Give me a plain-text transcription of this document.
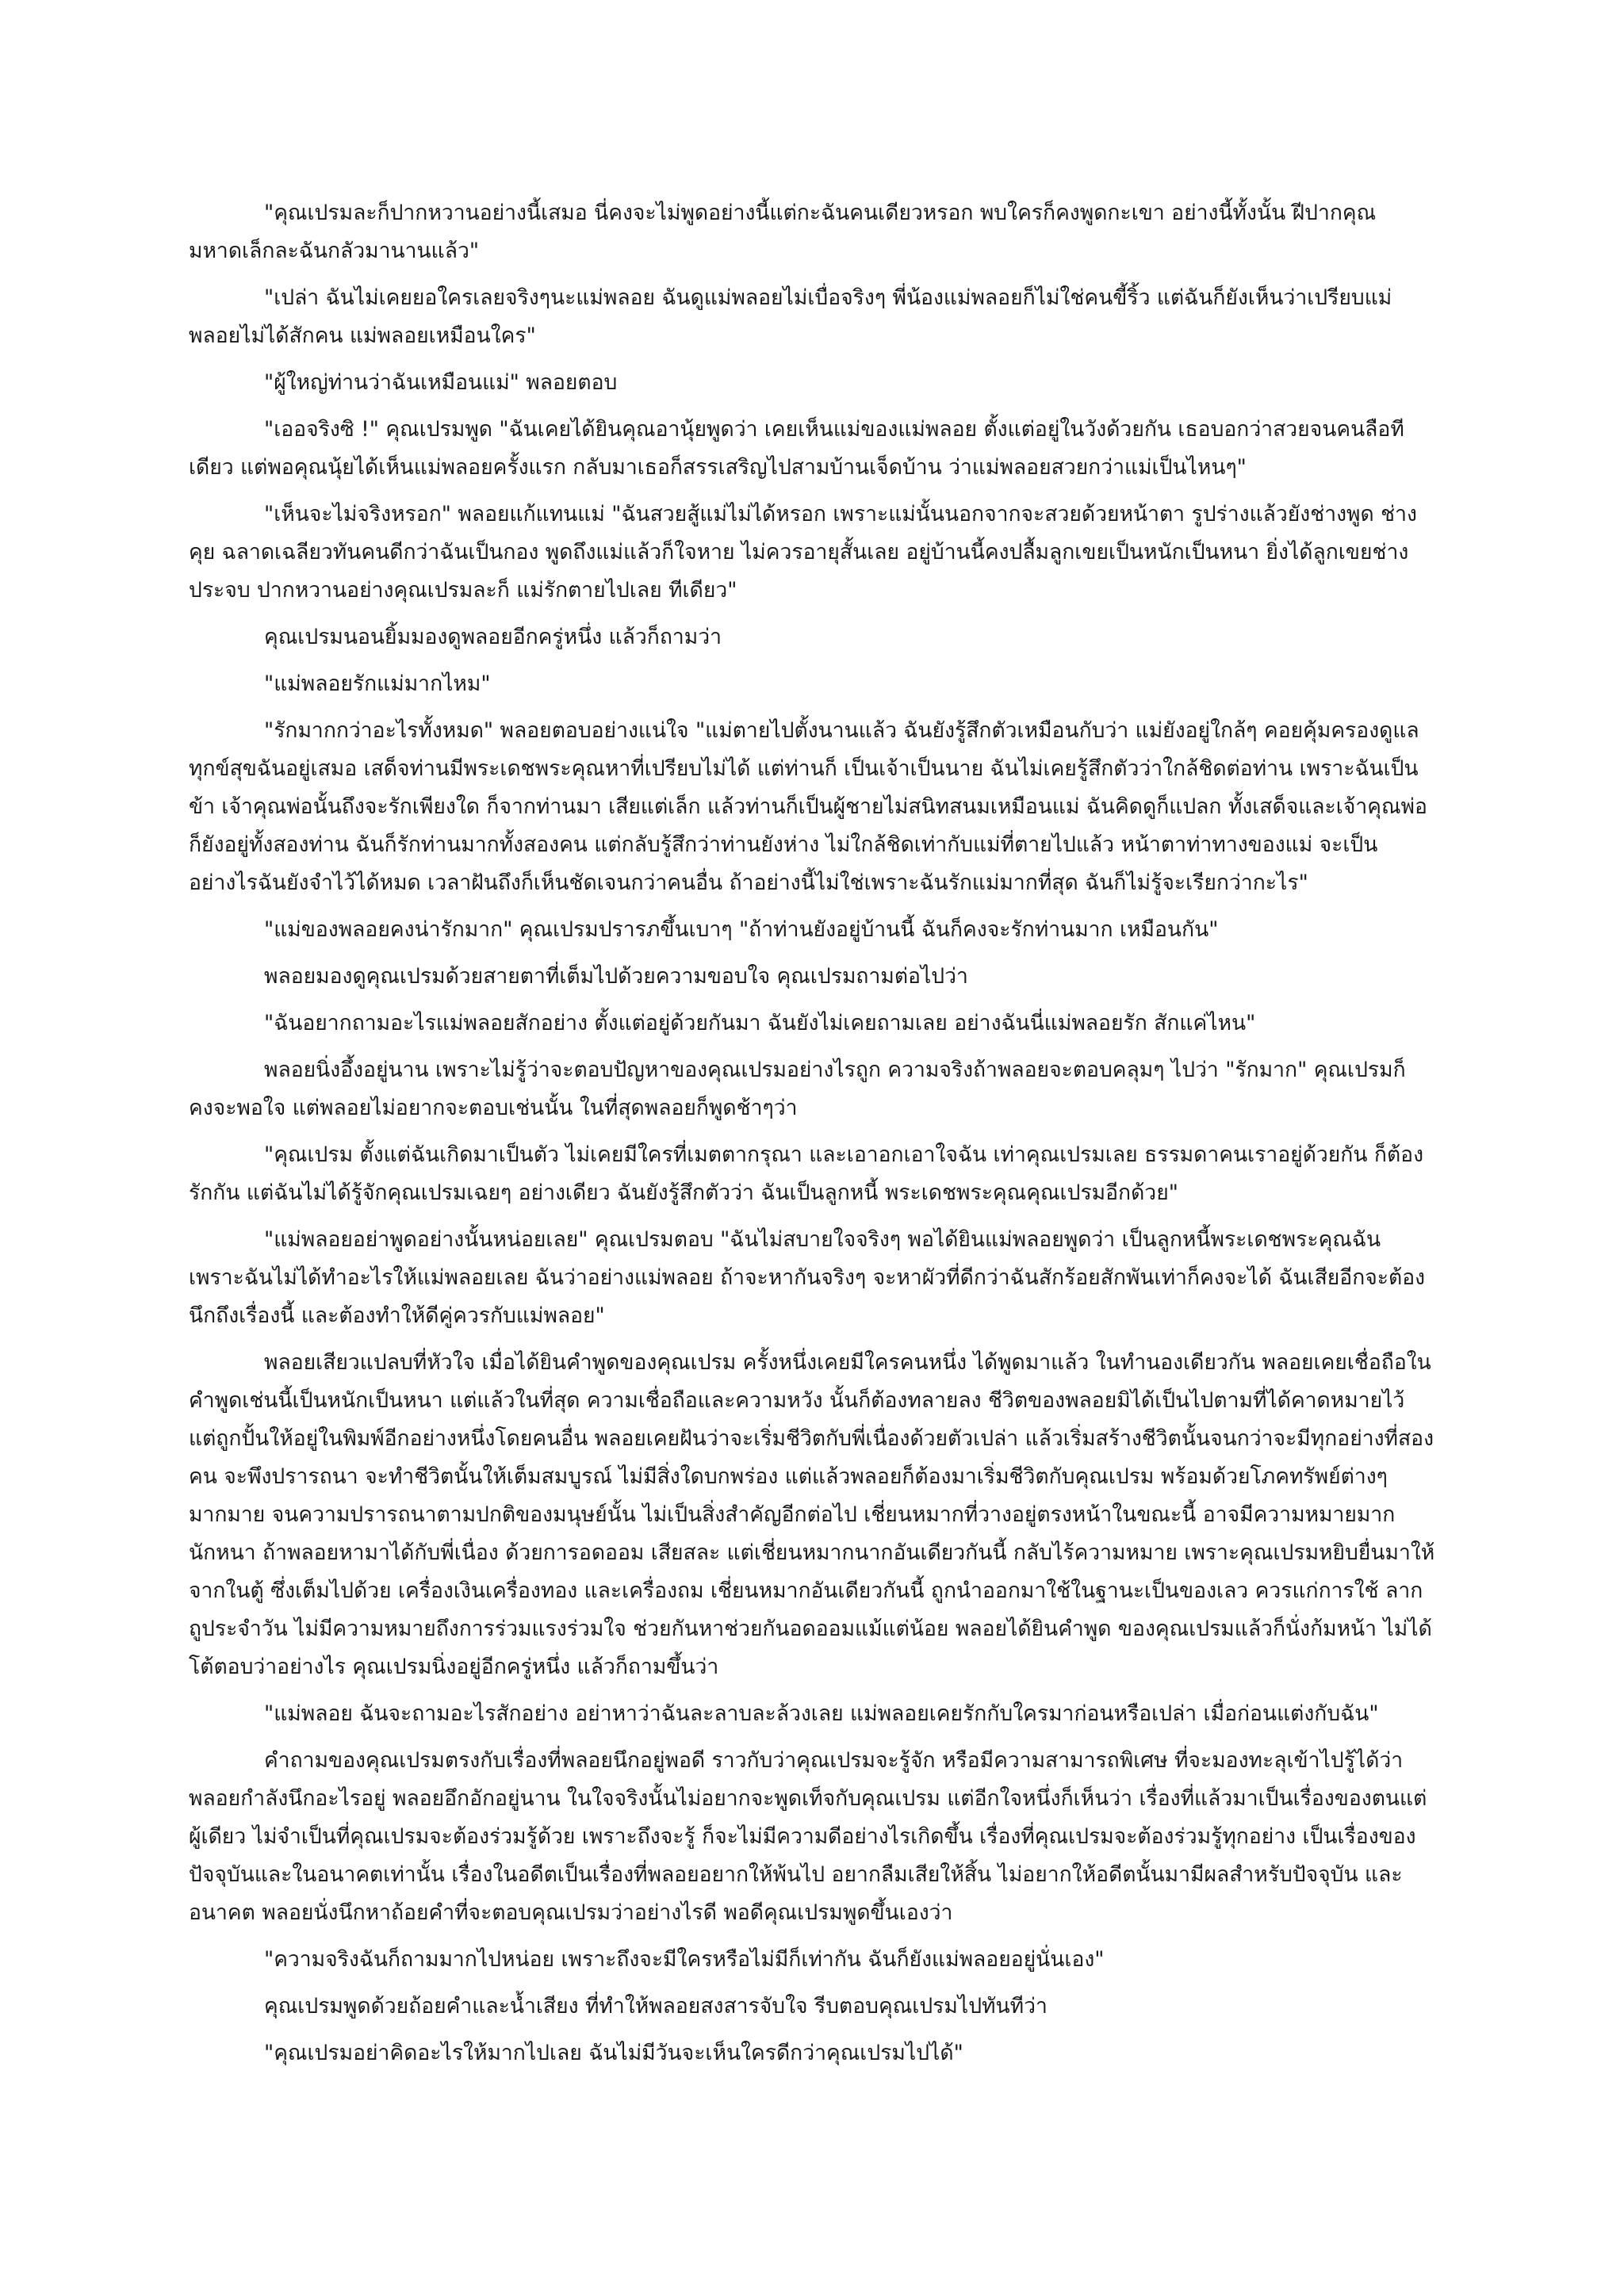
"คุณเปรมละก็ปากหวานอย่างนี้เสมอ นี่คงจะไม่พูดอย่างนี้แต่กะฉันคนเดียวหรอก พบใครก็คงพูดกะเขา อย่างนี้ทั้งนั้น ฝีปากคุณมหาดเล็กละฉันกลัวมานานแล้ว"

"เปล่า ฉันไม่เคยยอใครเลยจริงๆนะแม่พลอย ฉันดูแม่พลอยไม่เบื่อจริงๆ พี่น้องแม่พลอยก็ไม่ใช่คนขี้ริ้ว แต่ฉันก็ยังเห็นว่าเปรียบแม่พลอยไม่ได้สักคน แม่พลอยเหมือนใคร"

"ผู้ใหญ่ท่านว่าฉันเหมือนแม่" พลอยตอบ

"เออจริงซิ !" คุณเปรมพูด "ฉันเคยได้ยินคุณอานุ้ยพูดว่า เคยเห็นแม่ของแม่พลอย ตั้งแต่อยู่ในวังด้วยกัน เธอบอกว่าสวยจนคนลือทีเดียว แต่พอคุณนุ้ยได้เห็นแม่พลอยครั้งแรก กลับมาเธอก็สรรเสริญไปสามบ้านเจ็ดบ้าน ว่าแม่พลอยสวยกว่าแม่เป็นไหนๆ"

"เห็นจะไม่จริงหรอก" พลอยแก้แทนแม่ "ฉันสวยสู้แม่ไม่ได้หรอก เพราะแม่นั้นนอกจากจะสวยด้วยหน้าตา รูปร่างแล้วยังช่างพูด ช่างคุย ฉลาดเฉลียวทันคนดีกว่าฉันเป็นกอง พูดถึงแม่แล้วก็ใจหาย ไม่ควรอายุสั้นเลย อยู่บ้านนี้คงปลื้มลูกเขยเป็นหนักเป็นหนา ยิ่งได้ลูกเขยช่างประจบ ปากหวานอย่างคุณเปรมละก็ แม่รักตายไปเลย ทีเดียว"

คุณเปรมนอนยิ้มมองดูพลอยอีกครู่หนึ่ง แล้วก็ถามว่า

"แม่พลอยรักแม่มากไหม"

"รักมากกว่าอะไรทั้งหมด" พลอยตอบอย่างแน่ใจ "แม่ตายไปตั้งนานแล้ว ฉันยังรู้สึกตัวเหมือนกับว่า แม่ยังอยู่ใกล้ๆ คอยคุ้มครองดูแลทุกข์สุขฉันอยู่เสมอ เสด็จท่านมีพระเดชพระคุณหาที่เปรียบไม่ได้ แต่ท่านก็ เป็นเจ้าเป็นนาย ฉันไม่เคยรู้สึกตัวว่าใกล้ชิดต่อท่าน เพราะฉันเป็นข้า เจ้าคุณพ่อนั้นถึงจะรักเพียงใด ก็จากท่านมา เสียแต่เล็ก แล้วท่านก็เป็นผู้ชายไม่สนิทสนมเหมือนแม่ ฉันคิดดูก็แปลก ทั้งเสด็จและเจ้าคุณพ่อ ก็ยังอยู่ทั้งสองท่าน ฉันก็รักท่านมากทั้งสองคน แต่กลับรู้สึกว่าท่านยังห่าง ไม่ใกล้ชิดเท่ากับแม่ที่ตายไปแล้ว หน้าตาท่าทางของแม่ จะเป็นอย่างไรฉันยังจำไว้ได้หมด เวลาฝันถึงก็เห็นชัดเจนกว่าคนอื่น ถ้าอย่างนี้ไม่ใช่เพราะฉันรักแม่มากที่สุด ฉันก็ไม่รู้จะเรียกว่ากะไร"

"แม่ของพลอยคงน่ารักมาก" คุณเปรมปรารภขึ้นเบาๆ "ถ้าท่านยังอยู่บ้านนี้ ฉันก็คงจะรักท่านมาก เหมือนกัน"

พลอยมองดูคุณเปรมด้วยสายตาที่เต็มไปด้วยความขอบใจ คุณเปรมถามต่อไปว่า

"ฉันอยากถามอะไรแม่พลอยสักอย่าง ตั้งแต่อยู่ด้วยกันมา ฉันยังไม่เคยถามเลย อย่างฉันนี่แม่พลอยรัก สักแค่ไหน"

พลอยนิ่งอึ้งอยู่นาน เพราะไม่รู้ว่าจะตอบปัญหาของคุณเปรมอย่างไรถูก ความจริงถ้าพลอยจะตอบคลุมๆ ไปว่า "รักมาก" คุณเปรมก็คงจะพอใจ แต่พลอยไม่อยากจะตอบเช่นนั้น ในที่สุดพลอยก็พูดช้าๆว่า

"คุณเปรม ตั้งแต่ฉันเกิดมาเป็นตัว ไม่เคยมีใครที่เมตตากรุณา และเอาอกเอาใจฉัน เท่าคุณเปรมเลย ธรรมดาคนเราอยู่ด้วยกัน ก็ต้องรักกัน แต่ฉันไม่ได้รู้จักคุณเปรมเฉยๆ อย่างเดียว ฉันยังรู้สึกตัวว่า ฉันเป็นลูกหนี้ พระเดชพระคุณคุณเปรมอีกด้วย"

"แม่พลอยอย่าพูดอย่างนั้นหน่อยเลย" คุณเปรมตอบ "ฉันไม่สบายใจจริงๆ พอได้ยินแม่พลอยพูดว่า เป็นลูกหนี้พระเดชพระคุณฉัน เพราะฉันไม่ได้ทำอะไรให้แม่พลอยเลย ฉันว่าอย่างแม่พลอย ถ้าจะหากันจริงๆ จะหาผัวที่ดีกว่าฉันสักร้อยสักพันเท่าก็คงจะได้ ฉันเสียอีกจะต้องนึกถึงเรื่องนี้ และต้องทำให้ดีคู่ควรกับแม่พลอย"

พลอยเสียวแปลบที่หัวใจ เมื่อได้ยินคำพูดของคุณเปรม ครั้งหนึ่งเคยมีใครคนหนึ่ง ได้พูดมาแล้ว ในทำนองเดียวกัน พลอยเคยเชื่อถือในคำพูดเช่นนี้เป็นหนักเป็นหนา แต่แล้วในที่สุด ความเชื่อถือและความหวัง นั้นก็ต้องทลายลง ชีวิตของพลอยมิได้เป็นไปตามที่ได้คาดหมายไว้ แต่ถูกปั้นให้อยู่ในพิมพ์อีกอย่างหนึ่งโดยคนอื่น พลอยเคยฝันว่าจะเริ่มชีวิตกับพี่เนื่องด้วยตัวเปล่า แล้วเริ่มสร้างชีวิตนั้นจนกว่าจะมีทุกอย่างที่สองคน จะพึงปรารถนา จะทำชีวิตนั้นให้เต็มสมบูรณ์ ไม่มีสิ่งใดบกพร่อง แต่แล้วพลอยก็ต้องมาเริ่มชีวิตกับคุณเปรม พร้อมด้วยโภคทรัพย์ต่างๆมากมาย จนความปรารถนาตามปกติของมนุษย์นั้น ไม่เป็นสิ่งสำคัญอีกต่อไป เชี่ยนหมากที่วางอยู่ตรงหน้าในขณะนี้ อาจมีความหมายมากนักหนา ถ้าพลอยหามาได้กับพี่เนื่อง ด้วยการอดออม เสียสละ แต่เชี่ยนหมากนากอันเดียวกันนี้ กลับไร้ความหมาย เพราะคุณเปรมหยิบยื่นมาให้จากในตู้ ซึ่งเต็มไปด้วย เครื่องเงินเครื่องทอง และเครื่องถม เชี่ยนหมากอันเดียวกันนี้ ถูกนำออกมาใช้ในฐานะเป็นของเลว ควรแก่การใช้ ลากถูประจำวัน ไม่มีความหมายถึงการร่วมแรงร่วมใจ ช่วยกันหาช่วยกันอดออมแม้แต่น้อย พลอยได้ยินคำพูด ของคุณเปรมแล้วก็นั่งก้มหน้า ไม่ได้โต้ตอบว่าอย่างไร คุณเปรมนิ่งอยู่อีกครู่หนึ่ง แล้วก็ถามขึ้นว่า

"แม่พลอย ฉันจะถามอะไรสักอย่าง อย่าหาว่าฉันละลาบละล้วงเลย แม่พลอยเคยรักกับใครมาก่อนหรือเปล่า เมื่อก่อนแต่งกับฉัน"

คำถามของคุณเปรมตรงกับเรื่องที่พลอยนึกอยู่พอดี ราวกับว่าคุณเปรมจะรู้จัก หรือมีความสามารถพิเศษ ที่จะมองทะลุเข้าไปรู้ได้ว่า พลอยกำลังนึกอะไรอยู่ พลอยอึกอักอยู่นาน ในใจจริงนั้นไม่อยากจะพูดเท็จกับคุณเปรม แต่อีกใจหนึ่งก็เห็นว่า เรื่องที่แล้วมาเป็นเรื่องของตนแต่ผู้เดียว ไม่จำเป็นที่คุณเปรมจะต้องร่วมรู้ด้วย เพราะถึงจะรู้ ก็จะไม่มีความดีอย่างไรเกิดขึ้น เรื่องที่คุณเปรมจะต้องร่วมรู้ทุกอย่าง เป็นเรื่องของปัจจุบันและในอนาคตเท่านั้น เรื่องในอดีตเป็นเรื่องที่พลอยอยากให้พ้นไป อยากลืมเสียให้สิ้น ไม่อยากให้อดีตนั้นมามีผลสำหรับปัจจุบัน และอนาคต พลอยนั่งนึกหาถ้อยคำที่จะตอบคุณเปรมว่าอย่างไรดี พอดีคุณเปรมพูดขึ้นเองว่า

"ความจริงฉันก็ถามมากไปหน่อย เพราะถึงจะมีใครหรือไม่มีก็เท่ากัน ฉันก็ยังแม่พลอยอยู่นั่นเอง"

คุณเปรมพูดด้วยถ้อยคำและน้ำเสียง ที่ทำให้พลอยสงสารจับใจ รีบตอบคุณเปรมไปทันทีว่า

"คุณเปรมอย่าคิดอะไรให้มากไปเลย ฉันไม่มีวันจะเห็นใครดีกว่าคุณเปรมไปได้"
